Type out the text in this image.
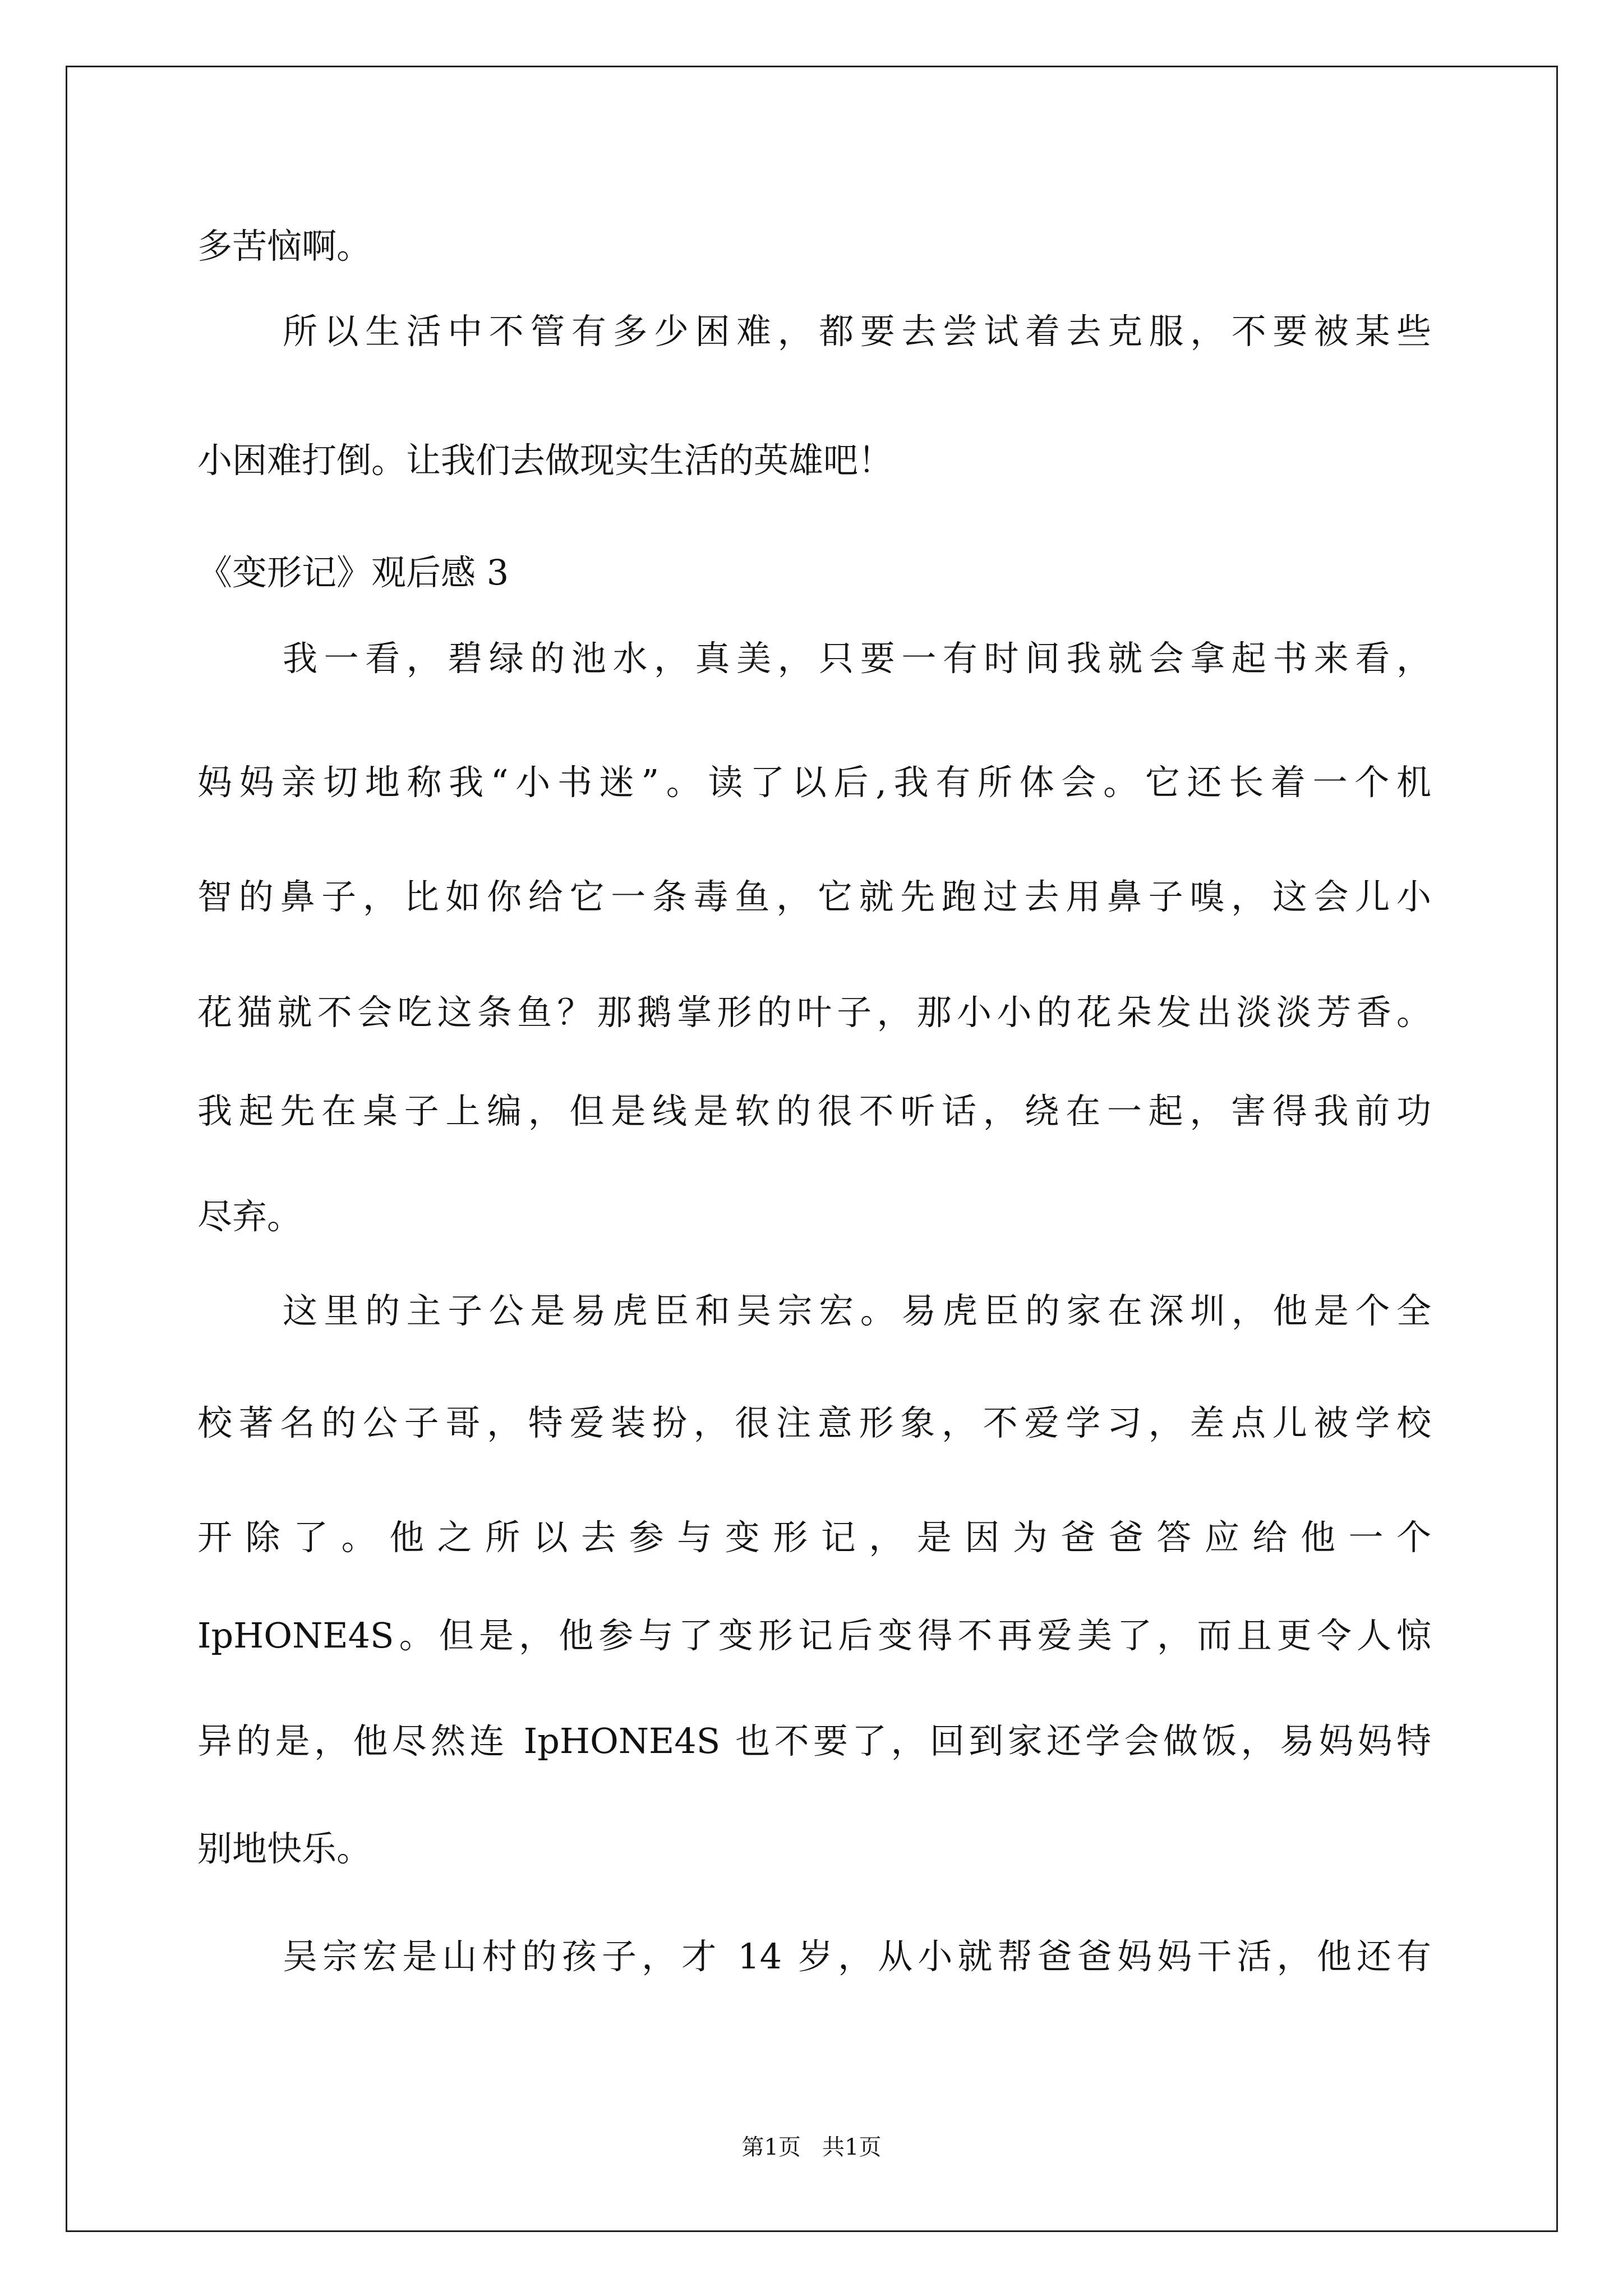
多苦恼啊。
所以生活中不管有多少困难，都要去尝试着去克服，不要被某些
小困难打倒。让我们去做现实生活的英雄吧！
《变形记》观后感 3
我一看，碧绿的池水，真美，只要一有时间我就会拿起书来看，
妈妈亲切地称我“小书迷”。读了以后,我有所体会。它还长着一个机
智的鼻子，比如你给它一条毒鱼，它就先跑过去用鼻子嗅，这会儿小
花猫就不会吃这条鱼？那鹅掌形的叶子，那小小的花朵发出淡淡芳香。
我起先在桌子上编，但是线是软的很不听话，绕在一起，害得我前功
尽弃。
这里的主子公是易虎臣和吴宗宏。易虎臣的家在深圳，他是个全
校著名的公子哥，特爱装扮，很注意形象，不爱学习，差点儿被学校
开除了。他之所以去参与变形记，是因为爸爸答应给他一个
IpHONE4S。但是，他参与了变形记后变得不再爱美了，而且更令人惊
异的是，他尽然连 IpHONE4S 也不要了，回到家还学会做饭，易妈妈特
别地快乐。
吴宗宏是山村的孩子，才 14 岁，从小就帮爸爸妈妈干活，他还有
第1页   共1页
